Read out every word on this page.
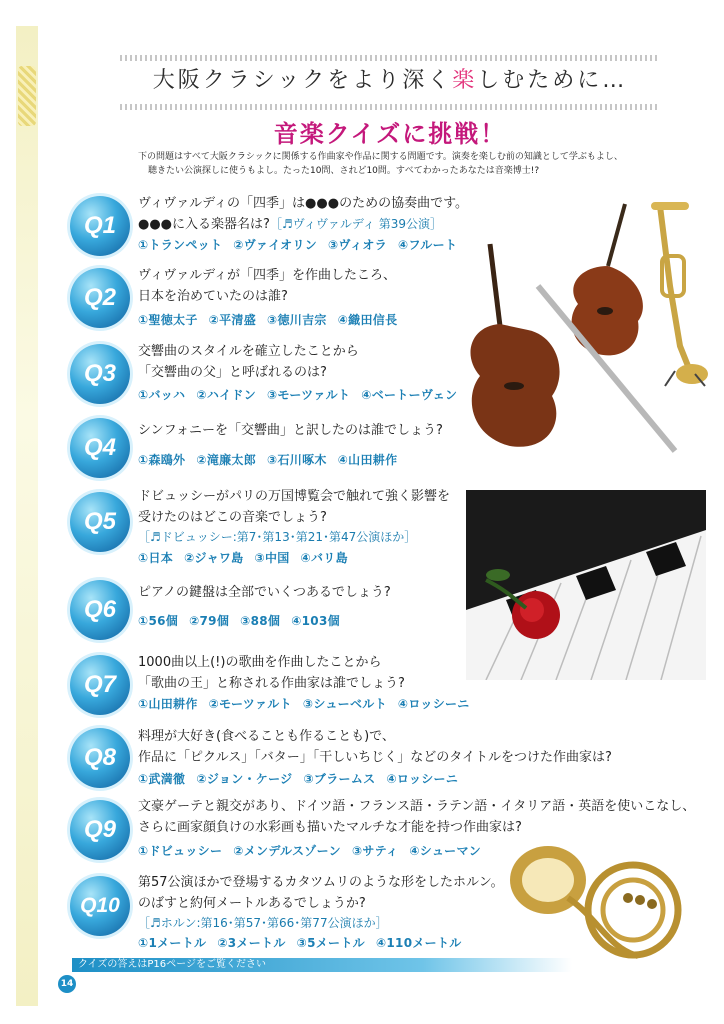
大阪クラシックをより深く楽しむために…
音楽クイズに挑戦！
下の問題はすべて大阪クラシックに関係する作曲家や作品に関する問題です。演奏を楽しむ前の知識として学ぶもよし、
聴きたい公演探しに使うもよし。たった10問、されど10問。すべてわかったあなたは音楽博士!?
Q1
ヴィヴァルディの「四季」は●●●のための協奏曲です。
●●●に入る楽器名は?［♬ヴィヴァルディ 第39公演］
①トランペット ②ヴァイオリン ③ヴィオラ ④フルート
Q2
ヴィヴァルディが「四季」を作曲したころ、
日本を治めていたのは誰?
①聖徳太子 ②平清盛 ③徳川吉宗 ④織田信長
Q3
交響曲のスタイルを確立したことから
「交響曲の父」と呼ばれるのは?
①バッハ ②ハイドン ③モーツァルト ④ベートーヴェン
Q4
シンフォニーを「交響曲」と訳したのは誰でしょう?
①森鴎外 ②滝廉太郎 ③石川啄木 ④山田耕作
Q5
ドビュッシーがパリの万国博覧会で触れて強く影響を
受けたのはどこの音楽でしょう?
［♬ドビュッシー:第7･第13･第21･第47公演ほか］
①日本 ②ジャワ島 ③中国 ④バリ島
Q6
ピアノの鍵盤は全部でいくつあるでしょう?
①56個 ②79個 ③88個 ④103個
Q7
1000曲以上(!)の歌曲を作曲したことから
「歌曲の王」と称される作曲家は誰でしょう?
①山田耕作 ②モーツァルト ③シューベルト ④ロッシーニ
Q8
料理が大好き(食べることも作ることも)で、
作品に「ピクルス」「バター」「干しいちじく」などのタイトルをつけた作曲家は?
①武満徹 ②ジョン・ケージ ③ブラームス ④ロッシーニ
Q9
文豪ゲーテと親交があり、ドイツ語・フランス語・ラテン語・イタリア語・英語を使いこなし、
さらに画家顔負けの水彩画も描いたマルチな才能を持つ作曲家は?
①ドビュッシー ②メンデルスゾーン ③サティ ④シューマン
Q10
第57公演ほかで登場するカタツムリのような形をしたホルン。
のばすと約何メートルあるでしょうか?
［♬ホルン:第16･第57･第66･第77公演ほか］
①1メートル ②3メートル ③5メートル ④110メートル
クイズの答えはP16ページをご覧ください
14
